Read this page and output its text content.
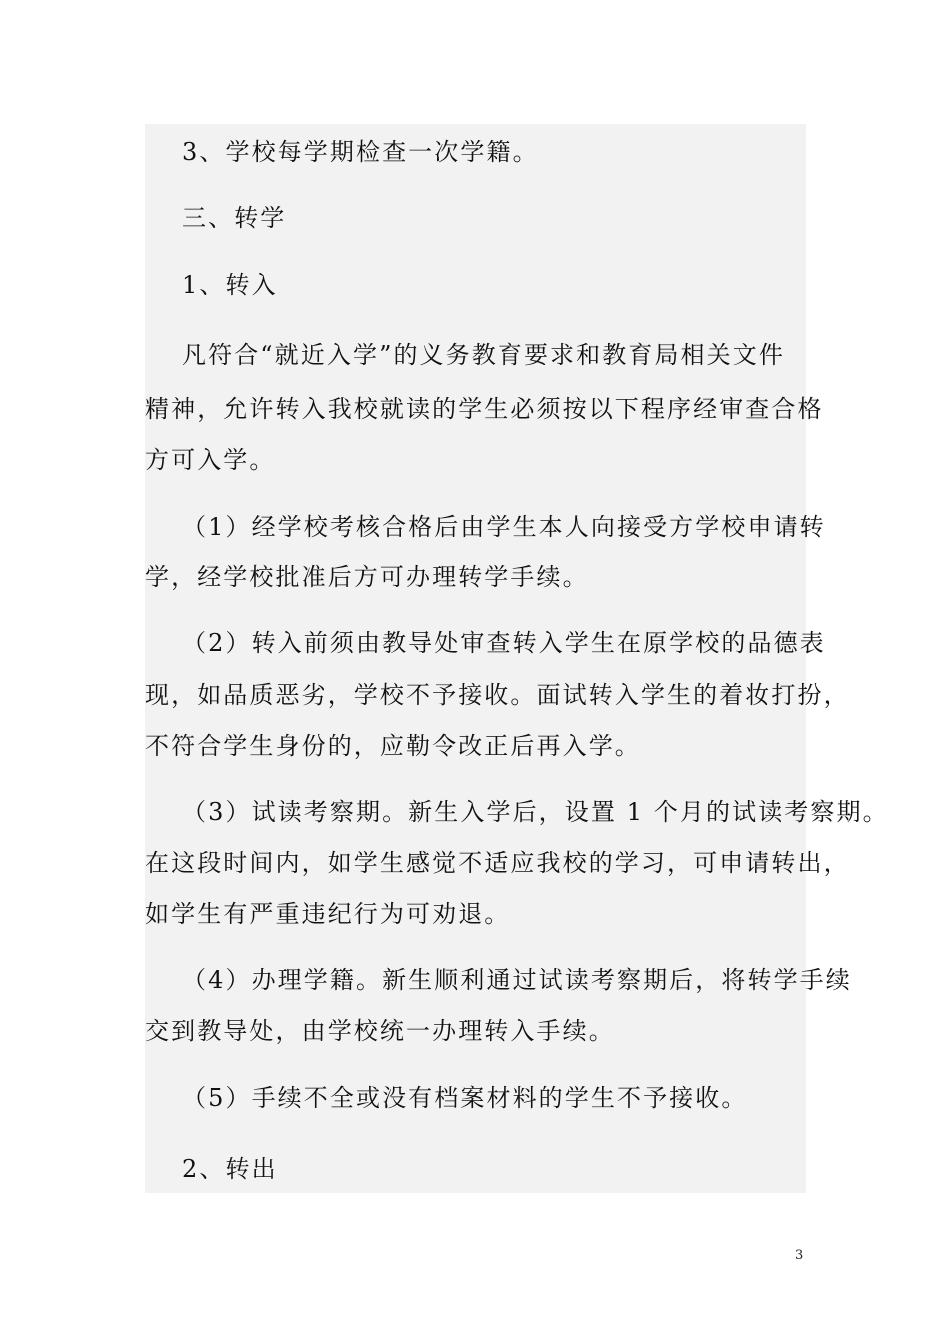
3、学校每学期检查一次学籍。
三、转学
1、转入
凡符合“就近入学”的义务教育要求和教育局相关文件
精神，允许转入我校就读的学生必须按以下程序经审查合格
方可入学。
（1）经学校考核合格后由学生本人向接受方学校申请转
学，经学校批准后方可办理转学手续。
（2）转入前须由教导处审查转入学生在原学校的品德表
现，如品质恶劣，学校不予接收。面试转入学生的着妆打扮，
不符合学生身份的，应勒令改正后再入学。
（3）试读考察期。新生入学后，设置 1 个月的试读考察期。
在这段时间内，如学生感觉不适应我校的学习，可申请转出，
如学生有严重违纪行为可劝退。
（4）办理学籍。新生顺利通过试读考察期后，将转学手续
交到教导处，由学校统一办理转入手续。
（5）手续不全或没有档案材料的学生不予接收。
2、转出
3
